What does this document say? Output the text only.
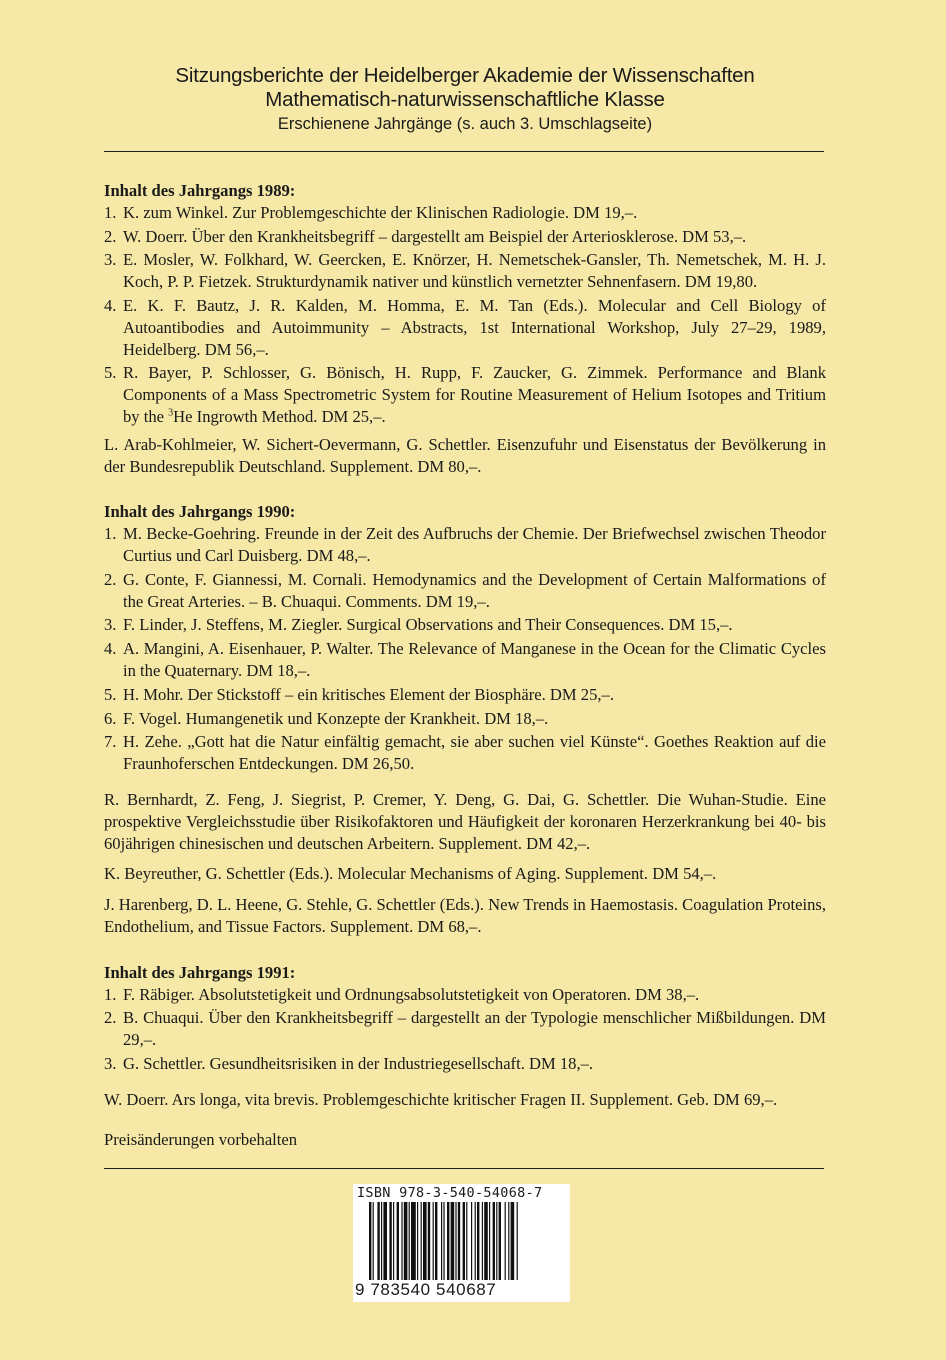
Sitzungsberichte der Heidelberger Akademie der Wissenschaften
Mathematisch-naturwissenschaftliche Klasse
Erschienene Jahrgänge (s. auch 3. Umschlagseite)
Inhalt des Jahrgangs 1989:
1. K. zum Winkel. Zur Problemgeschichte der Klinischen Radiologie. DM 19,–.
2. W. Doerr. Über den Krankheitsbegriff – dargestellt am Beispiel der Arteriosklerose. DM 53,–.
3. E. Mosler, W. Folkhard, W. Geercken, E. Knörzer, H. Nemetschek-Gansler, Th. Nemetschek, M. H. J. Koch, P. P. Fietzek. Strukturdynamik nativer und künstlich vernetzter Sehnenfasern. DM 19,80.
4. E. K. F. Bautz, J. R. Kalden, M. Homma, E. M. Tan (Eds.). Molecular and Cell Biology of Autoantibodies and Autoimmunity – Abstracts, 1st International Workshop, July 27–29, 1989, Heidelberg. DM 56,–.
5. R. Bayer, P. Schlosser, G. Bönisch, H. Rupp, F. Zaucker, G. Zimmek. Performance and Blank Components of a Mass Spectrometric System for Routine Measurement of Helium Isotopes and Tritium by the $^3$He Ingrowth Method. DM 25,–.
L. Arab-Kohlmeier, W. Sichert-Oevermann, G. Schettler. Eisenzufuhr und Eisenstatus der Bevölkerung in der Bundesrepublik Deutschland. Supplement. DM 80,–.
Inhalt des Jahrgangs 1990:
1. M. Becke-Goehring. Freunde in der Zeit des Aufbruchs der Chemie. Der Briefwechsel zwischen Theodor Curtius und Carl Duisberg. DM 48,–.
2. G. Conte, F. Giannessi, M. Cornali. Hemodynamics and the Development of Certain Malformations of the Great Arteries. – B. Chuaqui. Comments. DM 19,–.
3. F. Linder, J. Steffens, M. Ziegler. Surgical Observations and Their Consequences. DM 15,–.
4. A. Mangini, A. Eisenhauer, P. Walter. The Relevance of Manganese in the Ocean for the Climatic Cycles in the Quaternary. DM 18,–.
5. H. Mohr. Der Stickstoff – ein kritisches Element der Biosphäre. DM 25,–.
6. F. Vogel. Humangenetik und Konzepte der Krankheit. DM 18,–.
7. H. Zehe. „Gott hat die Natur einfältig gemacht, sie aber suchen viel Künste“. Goethes Reaktion auf die Fraunhoferschen Entdeckungen. DM 26,50.
R. Bernhardt, Z. Feng, J. Siegrist, P. Cremer, Y. Deng, G. Dai, G. Schettler. Die Wuhan-Studie. Eine prospektive Vergleichsstudie über Risikofaktoren und Häufigkeit der koronaren Herzerkrankung bei 40- bis 60jährigen chinesischen und deutschen Arbeitern. Supplement. DM 42,–.
K. Beyreuther, G. Schettler (Eds.). Molecular Mechanisms of Aging. Supplement. DM 54,–.
J. Harenberg, D. L. Heene, G. Stehle, G. Schettler (Eds.). New Trends in Haemostasis. Coagulation Proteins, Endothelium, and Tissue Factors. Supplement. DM 68,–.
Inhalt des Jahrgangs 1991:
1. F. Räbiger. Absolutstetigkeit und Ordnungsabsolutstetigkeit von Operatoren. DM 38,–.
2. B. Chuaqui. Über den Krankheitsbegriff – dargestellt an der Typologie menschlicher Mißbildungen. DM 29,–.
3. G. Schettler. Gesundheitsrisiken in der Industriegesellschaft. DM 18,–.
W. Doerr. Ars longa, vita brevis. Problemgeschichte kritischer Fragen II. Supplement. Geb. DM 69,–.
Preisänderungen vorbehalten
ISBN 978-3-540-54068-7
9 783540 540687
